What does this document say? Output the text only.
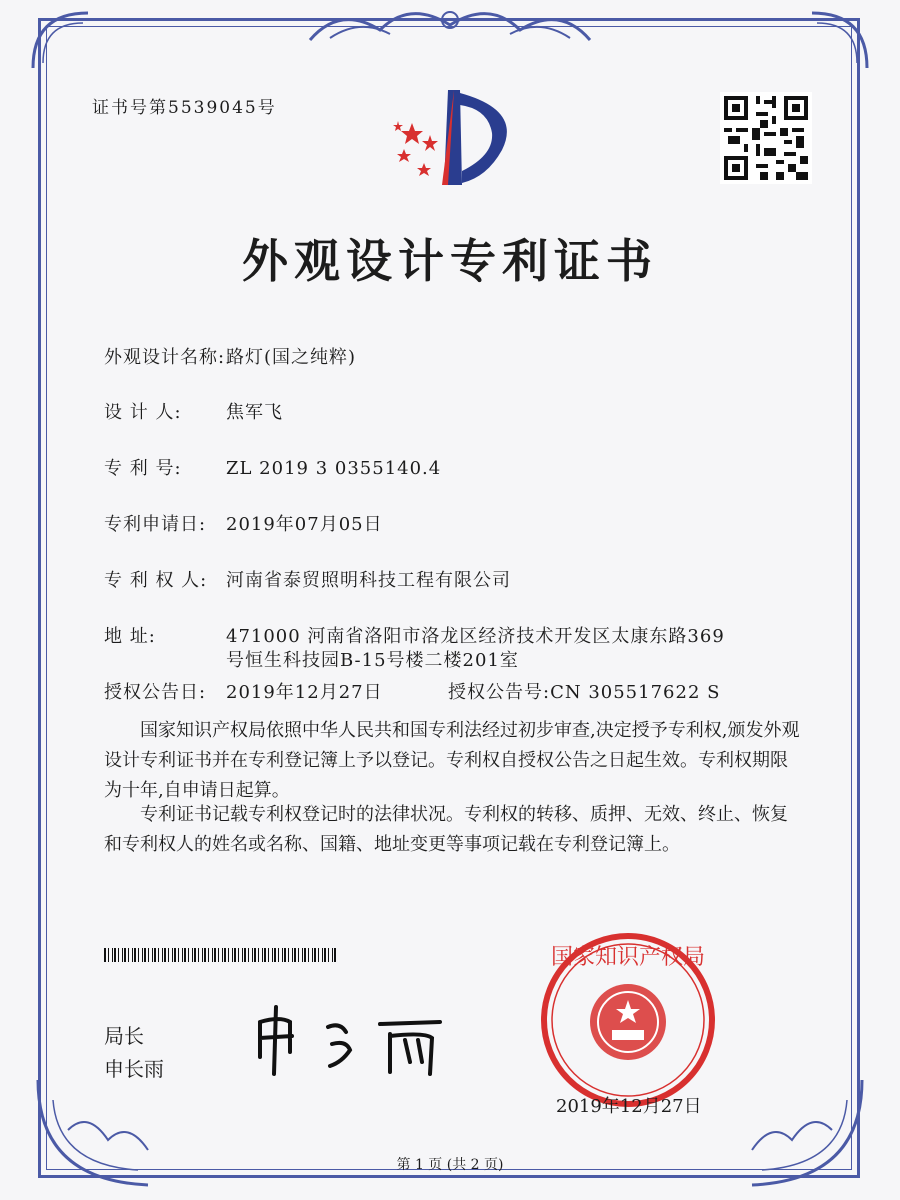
证书号第5539045号
外观设计专利证书
外观设计名称:路灯(国之纯粹)
设 计 人: 焦军飞
专 利 号: ZL 2019 3 0355140.4
专利申请日: 2019年07月05日
专 利 权 人: 河南省泰贸照明科技工程有限公司
地 址:	471000 河南省洛阳市洛龙区经济技术开发区太康东路369
号恒生科技园B-15号楼二楼201室
授权公告日: 2019年12月27日	授权公告号:CN 305517622 S
国家知识产权局依照中华人民共和国专利法经过初步审查,决定授予专利权,颁发外观设计专利证书并在专利登记簿上予以登记。专利权自授权公告之日起生效。专利权期限为十年,自申请日起算。
专利证书记载专利权登记时的法律状况。专利权的转移、质押、无效、终止、恢复和专利权人的姓名或名称、国籍、地址变更等事项记载在专利登记簿上。
局长
申长雨
国家知识产权局
2019年12月27日
第 1 页 (共 2 页)
